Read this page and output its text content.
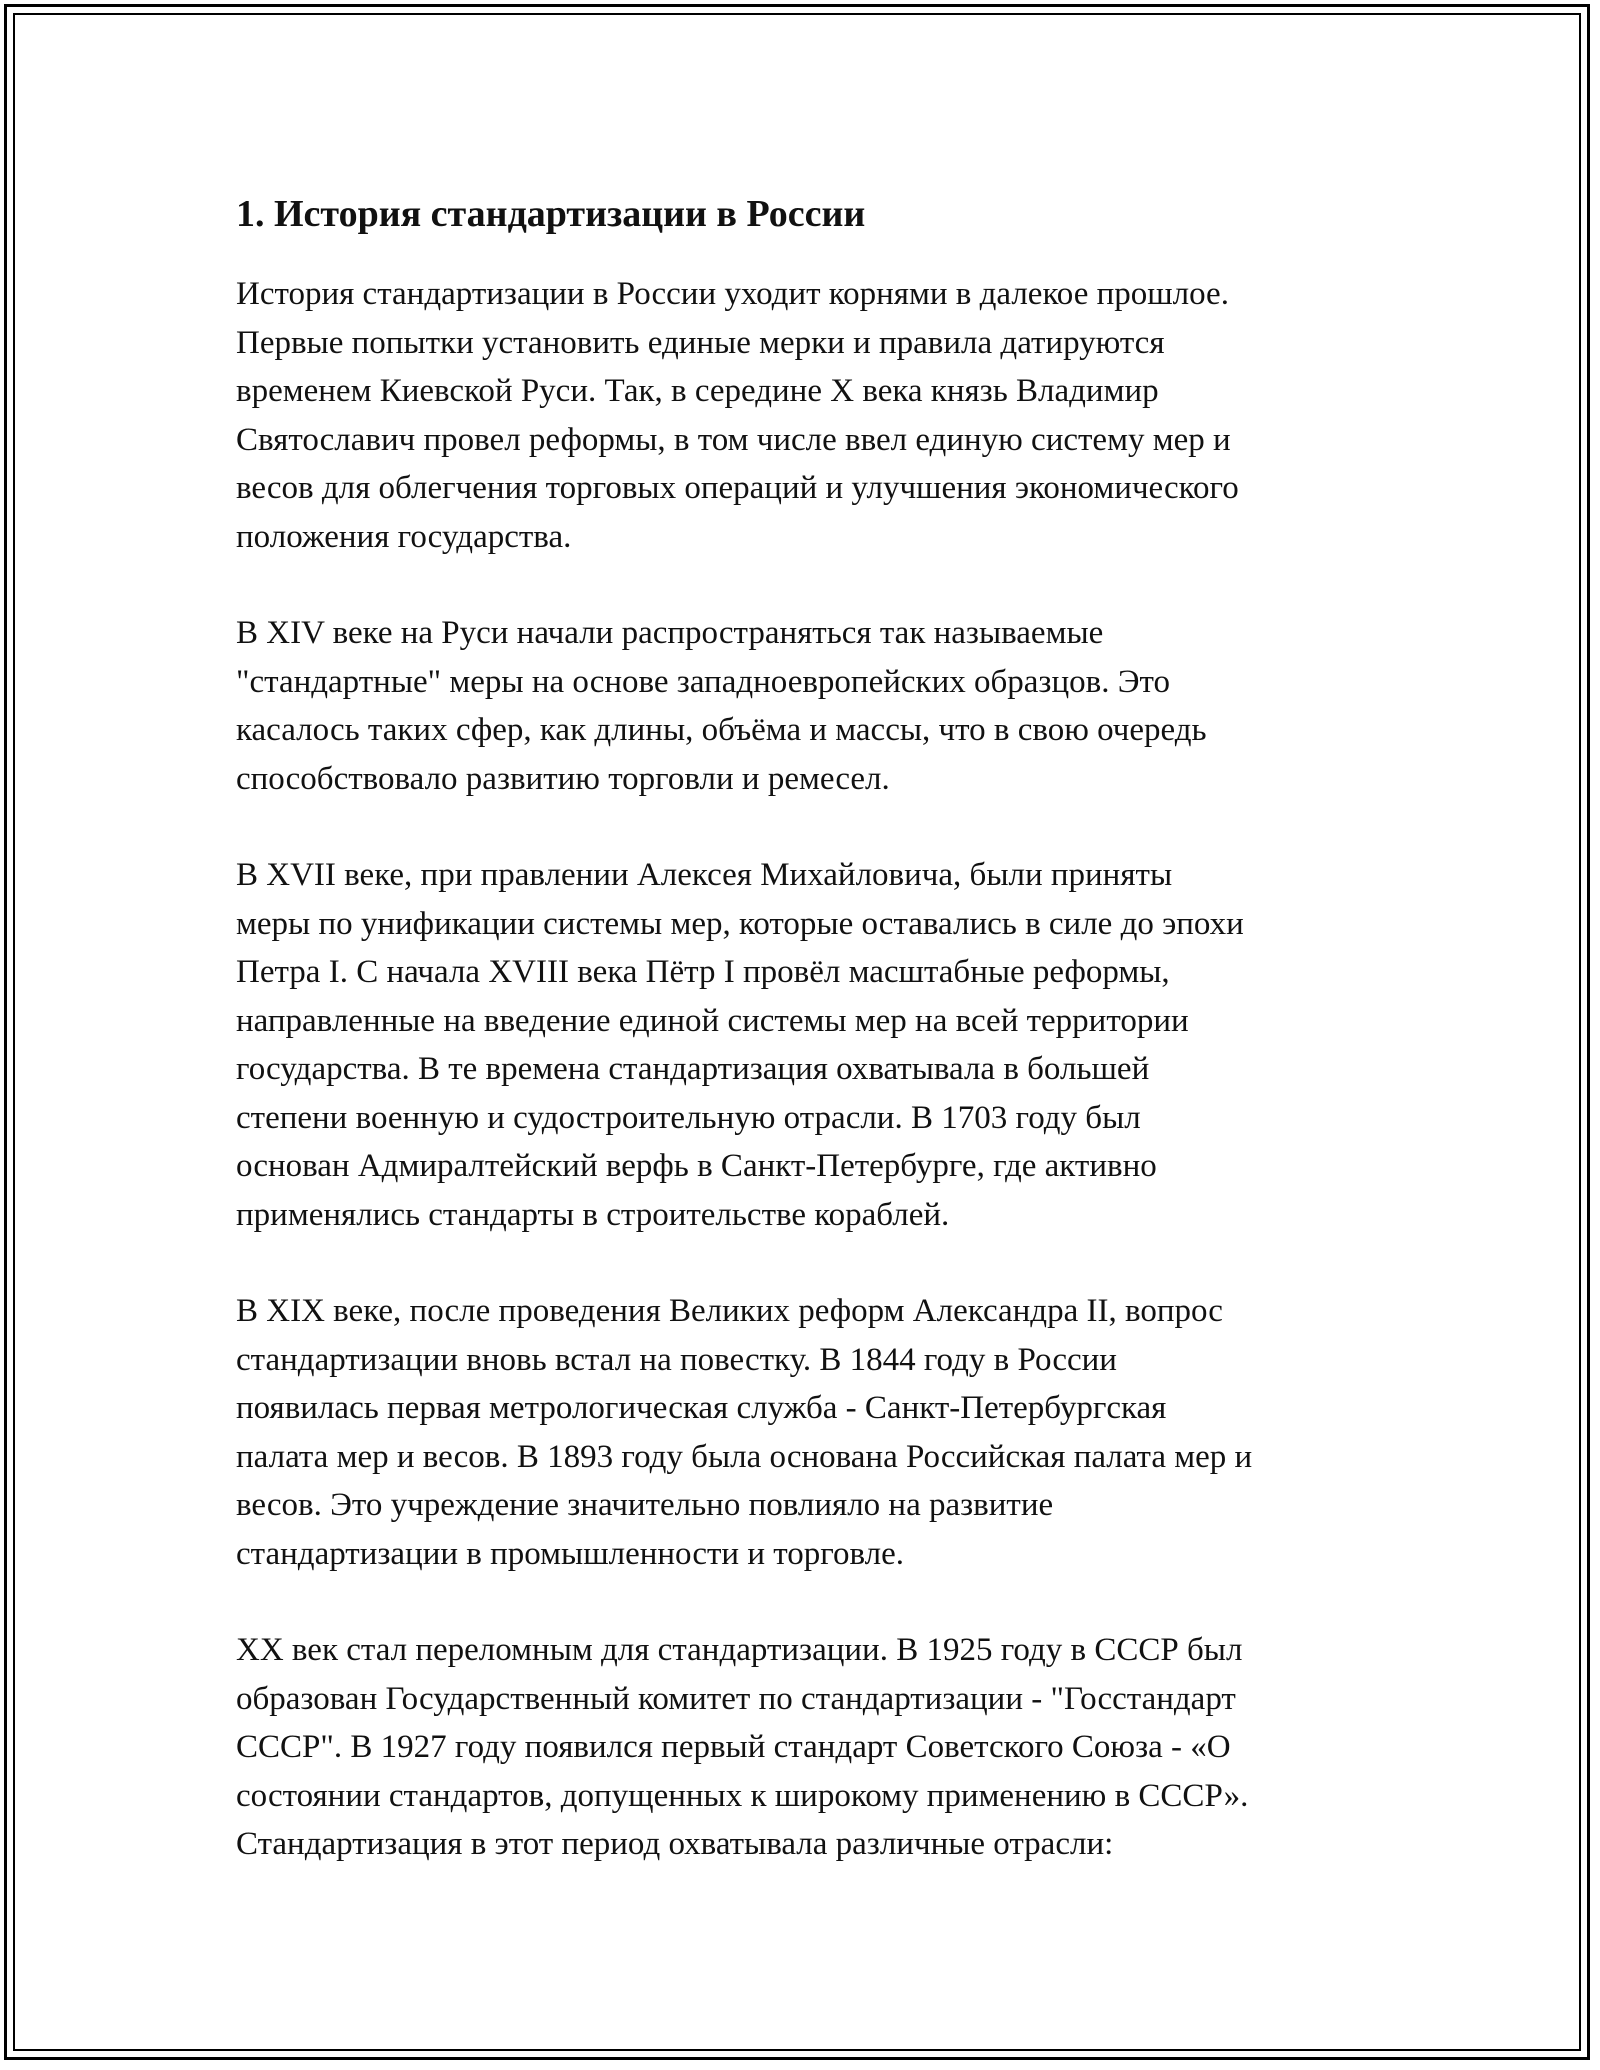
1. История стандартизации в России

История стандартизации в России уходит корнями в далекое прошлое.
Первые попытки установить единые мерки и правила датируются
временем Киевской Руси. Так, в середине X века князь Владимир
Святославич провел реформы, в том числе ввел единую систему мер и
весов для облегчения торговых операций и улучшения экономического
положения государства.

В XIV веке на Руси начали распространяться так называемые
"стандартные" меры на основе западноевропейских образцов. Это
касалось таких сфер, как длины, объёма и массы, что в свою очередь
способствовало развитию торговли и ремесел.

В XVII веке, при правлении Алексея Михайловича, были приняты
меры по унификации системы мер, которые оставались в силе до эпохи
Петра I. С начала XVIII века Пётр I провёл масштабные реформы,
направленные на введение единой системы мер на всей территории
государства. В те времена стандартизация охватывала в большей
степени военную и судостроительную отрасли. В 1703 году был
основан Адмиралтейский верфь в Санкт-Петербурге, где активно
применялись стандарты в строительстве кораблей.

В XIX веке, после проведения Великих реформ Александра II, вопрос
стандартизации вновь встал на повестку. В 1844 году в России
появилась первая метрологическая служба - Санкт-Петербургская
палата мер и весов. В 1893 году была основана Российская палата мер и
весов. Это учреждение значительно повлияло на развитие
стандартизации в промышленности и торговле.

XX век стал переломным для стандартизации. В 1925 году в СССР был
образован Государственный комитет по стандартизации - "Госстандарт
СССР". В 1927 году появился первый стандарт Советского Союза - «О
состоянии стандартов, допущенных к широкому применению в СССР».
Стандартизация в этот период охватывала различные отрасли:
